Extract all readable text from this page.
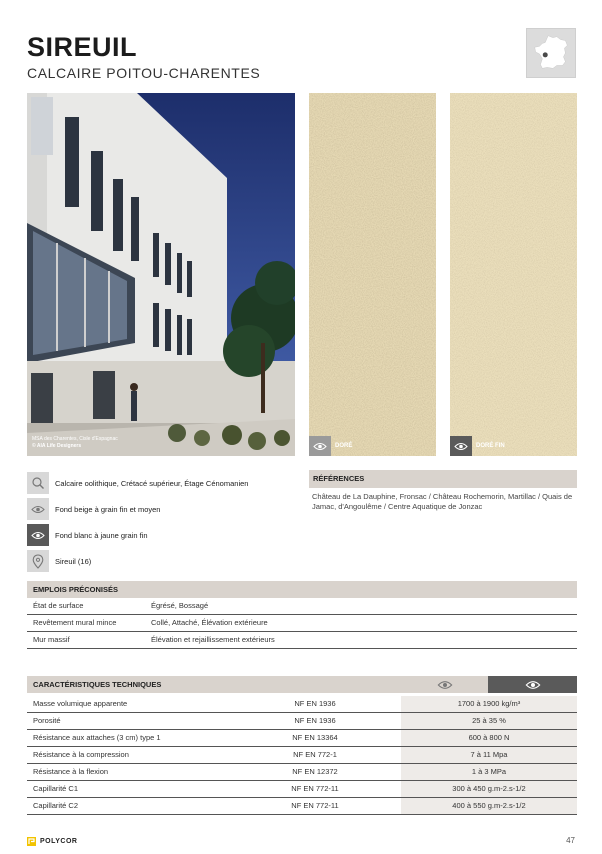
SIREUIL
CALCAIRE POITOU-CHARENTES
MSA des Charentes, Cisle d'Espagnac
© AIA Life Designers	DORÉ	DORÉ FIN
Calcaire oolithique, Crétacé supérieur, Étage Cénomanien
Fond beige à grain fin et moyen
Fond blanc à jaune grain fin
Sireuil (16)
RÉFÉRENCES
Château de La Dauphine, Fronsac / Château Rochemorin, Martillac / Quais de Jamac, d'Angoulême / Centre Aquatique de Jonzac
EMPLOIS PRÉCONISÉS
État de surface	Égrésé, Bossagé
Revêtement mural mince	Collé, Attaché, Élévation extérieure
Mur massif	Élévation et rejaillissement extérieurs
CARACTÉRISTIQUES TECHNIQUES
Masse volumique apparente	NF EN 1936	1700 à 1900 kg/m³
Porosité	NF EN 1936	25 à 35 %
Résistance aux attaches (3 cm) type 1	NF EN 13364	600 à 800 N
Résistance à la compression	NF EN 772-1	7 à 11 Mpa
Résistance à la flexion	NF EN 12372	1 à 3 MPa
Capillarité C1	NF EN 772-11	300 à 450 g.m-2.s-1/2
Capillarité C2	NF EN 772-11	400 à 550 g.m-2.s-1/2
POLYCOR	47
